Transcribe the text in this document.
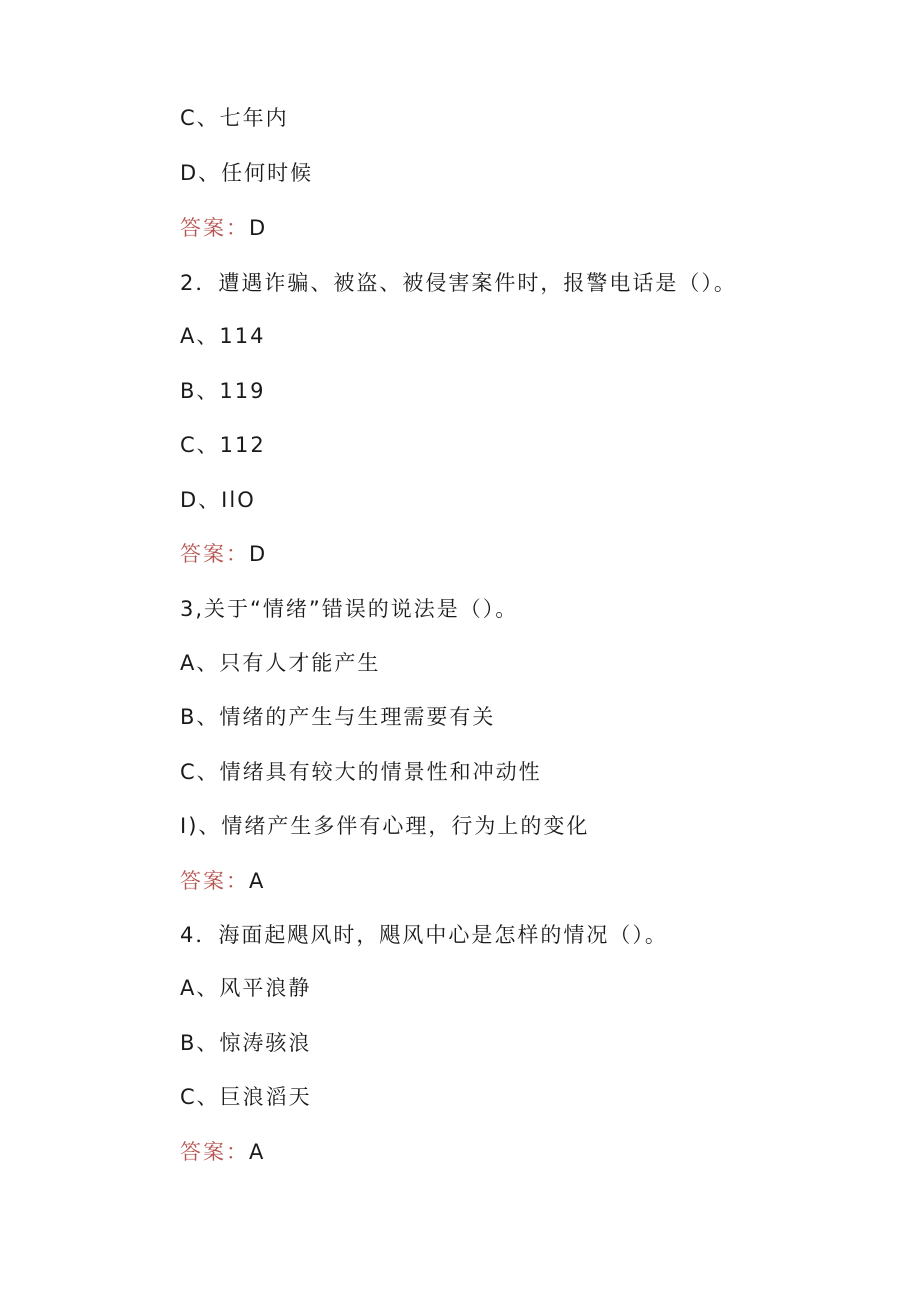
C、七年内
D、任何时候
答案：D
2．遭遇诈骗、被盗、被侵害案件时，报警电话是（）。
A、114
B、119
C、112
D、IlO
答案：D
3,关于“情绪”错误的说法是（）。
A、只有人才能产生
B、情绪的产生与生理需要有关
C、情绪具有较大的情景性和冲动性
I)、情绪产生多伴有心理，行为上的变化
答案：A
4．海面起飓风时，飓风中心是怎样的情况（）。
A、风平浪静
B、惊涛骇浪
C、巨浪滔天
答案：A
